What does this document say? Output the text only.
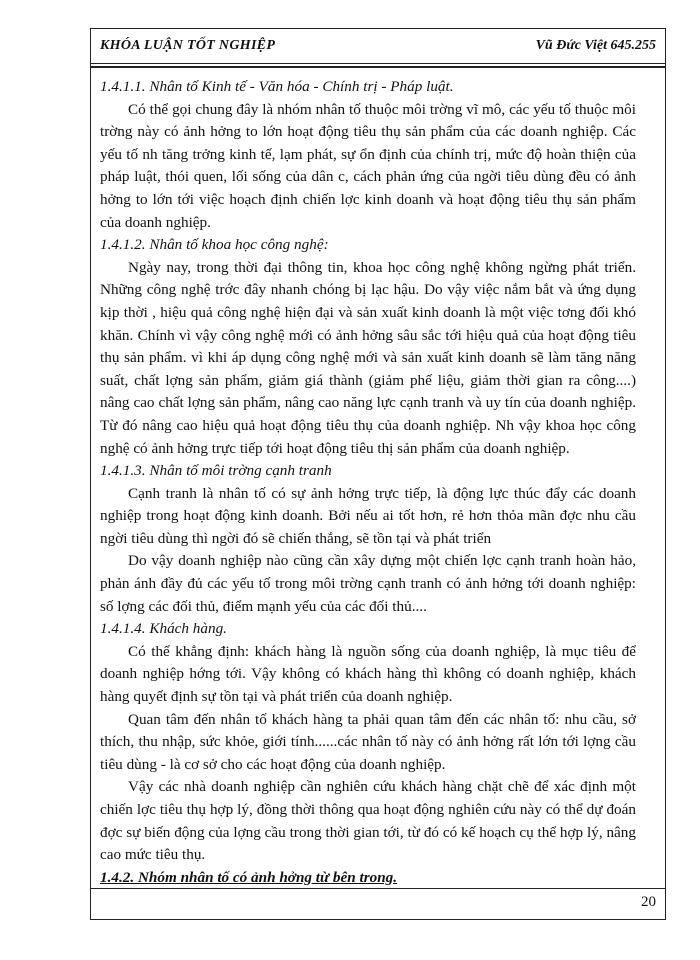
KHÓA LUẬN TỐT NGHIỆP	Vũ Đức Việt 645.255
1.4.1.1. Nhân tố Kinh tế - Văn hóa - Chính trị - Pháp luật.

Có thể gọi chung đây là nhóm nhân tố thuộc môi trờng vĩ mô, các yếu tố thuộc môi trờng này có ảnh hởng to lớn hoạt động tiêu thụ sản phẩm của các doanh nghiệp. Các yếu tố nh tăng trởng kinh tế, lạm phát, sự ổn định của chính trị, mức độ hoàn thiện của pháp luật, thói quen, lối sống của dân c, cách phản ứng của ngời tiêu dùng đều có ảnh hởng to lớn tới việc hoạch định chiến lợc kinh doanh và hoạt động tiêu thụ sản phẩm của doanh nghiệp.

1.4.1.2. Nhân tố khoa học công nghệ:

Ngày nay, trong thời đại thông tin, khoa học công nghệ không ngừng phát triển. Những công nghệ trớc đây nhanh chóng bị lạc hậu. Do vậy việc nắm bắt và ứng dụng kịp thời , hiệu quả công nghệ hiện đại và sản xuất kinh doanh là một việc tơng đối khó khăn. Chính vì vậy công nghệ mới có ảnh hởng sâu sắc tới hiệu quả của hoạt động tiêu thụ sản phẩm. vì khi áp dụng công nghệ mới và sản xuất kinh doanh sẽ làm tăng năng suất, chất lợng sản phẩm, giảm giá thành (giảm phế liệu, giảm thời gian ra công....) nâng cao chất lợng sản phẩm, nâng cao năng lực cạnh tranh và uy tín của doanh nghiệp. Từ đó nâng cao hiệu quả hoạt động tiêu thụ của doanh nghiệp. Nh vậy khoa học công nghệ có ảnh hởng trực tiếp tới hoạt động tiêu thị sản phẩm của doanh nghiệp.

1.4.1.3. Nhân tố môi trờng cạnh tranh

Cạnh tranh là nhân tố có sự ảnh hởng trực tiếp, là động lực thúc đẩy các doanh nghiệp trong hoạt động kinh doanh. Bởi nếu ai tốt hơn, rẻ hơn thỏa mãn đợc nhu cầu ngời tiêu dùng thì ngời đó sẽ chiến thắng, sẽ tồn tại và phát triển

Do vậy doanh nghiệp nào cũng cần xây dựng một chiến lợc cạnh tranh hoàn hảo, phản ánh đầy đủ các yếu tố trong môi trờng cạnh tranh có ảnh hởng tới doanh nghiệp: số lợng các đối thủ, điểm mạnh yếu của các đối thủ....

1.4.1.4. Khách hàng.

Có thể khẳng định: khách hàng là nguồn sống của doanh nghiệp, là mục tiêu để doanh nghiệp hớng tới. Vậy không có khách hàng thì không có doanh nghiệp, khách hàng quyết định sự tồn tại và phát triển của doanh nghiệp.

Quan tâm đến nhân tố khách hàng ta phải quan tâm đến các nhân tố: nhu cầu, sở thích, thu nhập, sức khỏe, giới tính......các nhân tố này có ảnh hởng rất lớn tới lợng cầu tiêu dùng - là cơ sở cho các hoạt động của doanh nghiệp.

Vậy các nhà doanh nghiệp cần nghiên cứu khách hàng chặt chẽ để xác định một chiến lợc tiêu thụ hợp lý, đồng thời thông qua hoạt động nghiên cứu này có thể dự đoán đợc sự biến động của lợng cầu trong thời gian tới, từ đó có kế hoạch cụ thể hợp lý, nâng cao mức tiêu thụ.

1.4.2. Nhóm nhân tố có ảnh hởng từ bên trong.
20
